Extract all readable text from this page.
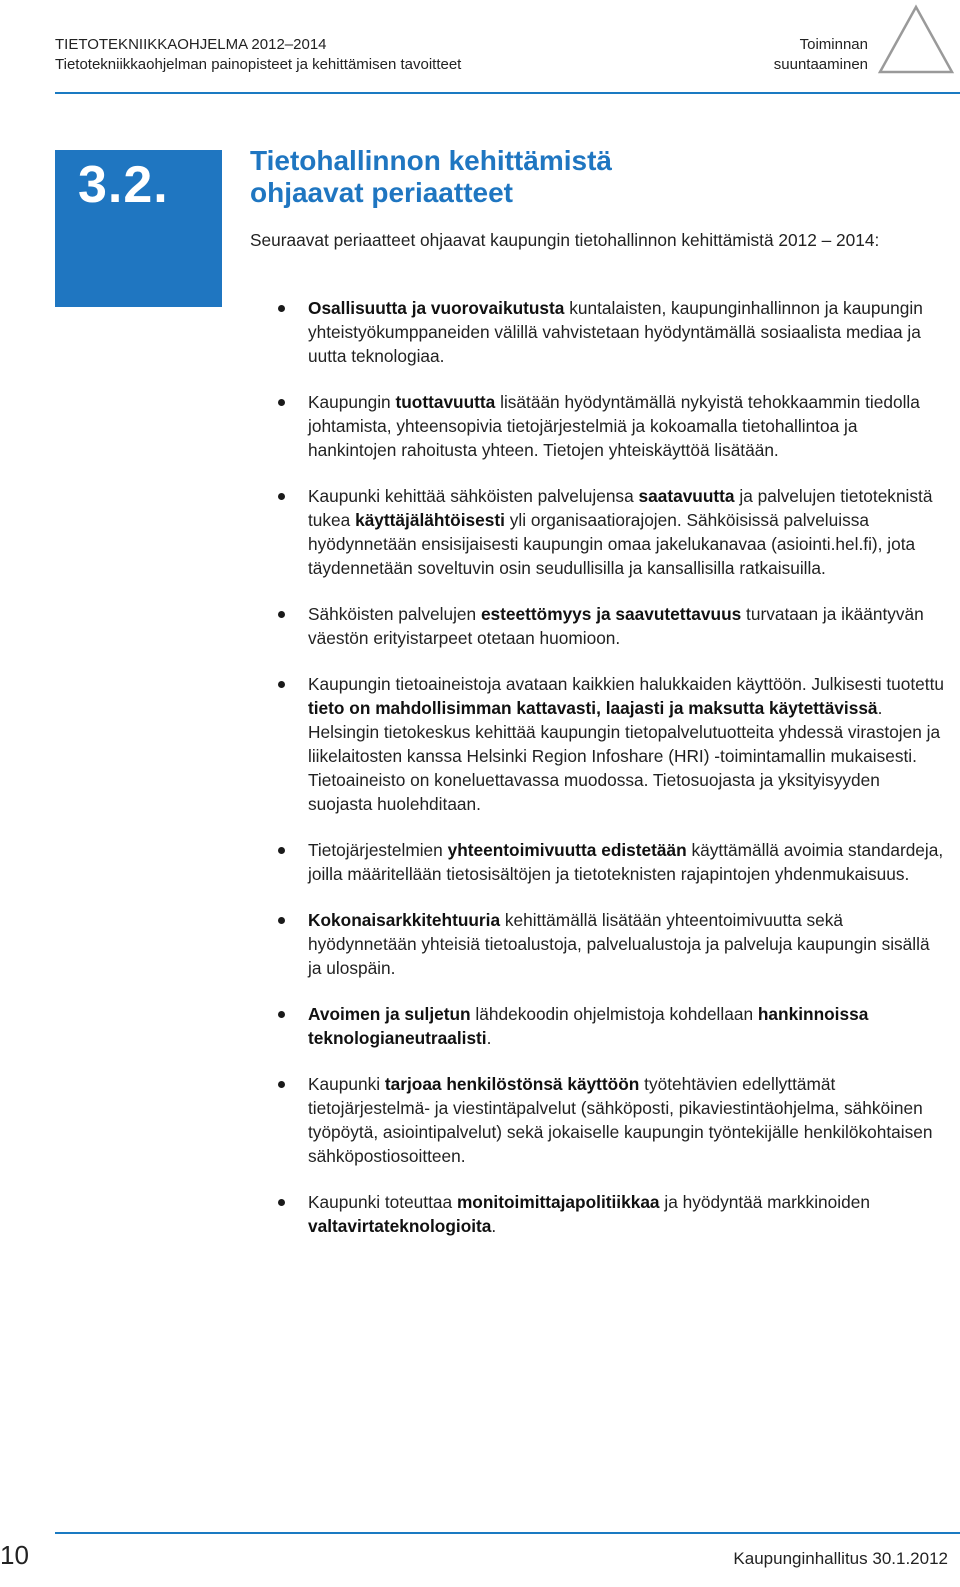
TIETOTEKNIIKKAOHJELMA 2012–2014
Tietotekniikkaohjelman painopisteet ja kehittämisen tavoitteet
Toiminnan
suuntaaminen
3.2.	Tietohallinnon kehittämistä
ohjaavat periaatteet
Seuraavat periaatteet ohjaavat kaupungin tietohallinnon kehittämistä 2012 – 2014:
Osallisuutta ja vuorovaikutusta kuntalaisten, kaupunginhallinnon ja kaupungin yhteistyökumppaneiden välillä vahvistetaan hyödyntämällä sosiaalista mediaa ja uutta teknologiaa.
Kaupungin tuottavuutta lisätään hyödyntämällä nykyistä tehokkaammin tiedolla johtamista, yhteensopivia tietojärjestelmiä ja kokoamalla tietohallintoa ja hankintojen rahoitusta yhteen. Tietojen yhteiskäyttöä lisätään.
Kaupunki kehittää sähköisten palvelujensa saatavuutta ja palvelujen tietoteknistä tukea käyttäjälähtöisesti yli organisaatiorajojen. Sähköisissä palveluissa hyödynnetään ensisijaisesti kaupungin omaa jakelukanavaa (asiointi.hel.fi), jota täydennetään soveltuvin osin seudullisilla ja kansallisilla ratkaisuilla.
Sähköisten palvelujen esteettömyys ja saavutettavuus turvataan ja ikääntyvän väestön erityistarpeet otetaan huomioon.
Kaupungin tietoaineistoja avataan kaikkien halukkaiden käyttöön. Julkisesti tuotettu tieto on mahdollisimman kattavasti, laajasti ja maksutta käytettävissä. Helsingin tietokeskus kehittää kaupungin tietopalvelutuotteita yhdessä virastojen ja liikelaitosten kanssa Helsinki Region Infoshare (HRI) -toimintamallin mukaisesti. Tietoaineisto on koneluettavassa muodossa. Tietosuojasta ja yksityisyyden suojasta huolehditaan.
Tietojärjestelmien yhteentoimivuutta edistetään käyttämällä avoimia standardeja, joilla määritellään tietosisältöjen ja tietoteknisten rajapintojen yhdenmukaisuus.
Kokonaisarkkitehtuuria kehittämällä lisätään yhteentoimivuutta sekä hyödynnetään yhteisiä tietoalustoja, palvelualustoja ja palveluja kaupungin sisällä ja ulospäin.
Avoimen ja suljetun lähdekoodin ohjelmistoja kohdellaan hankinnoissa teknologianeutraalisti.
Kaupunki tarjoaa henkilöstönsä käyttöön työtehtävien edellyttämät tietojärjestelmä- ja viestintäpalvelut (sähköposti, pikaviestintäohjelma, sähköinen työpöytä, asiointipalvelut) sekä jokaiselle kaupungin työntekijälle henkilökohtaisen sähköpostiosoitteen.
Kaupunki toteuttaa monitoimittajapolitiikkaa ja hyödyntää markkinoiden valtavirtateknologioita.
10	Kaupunginhallitus 30.1.2012
